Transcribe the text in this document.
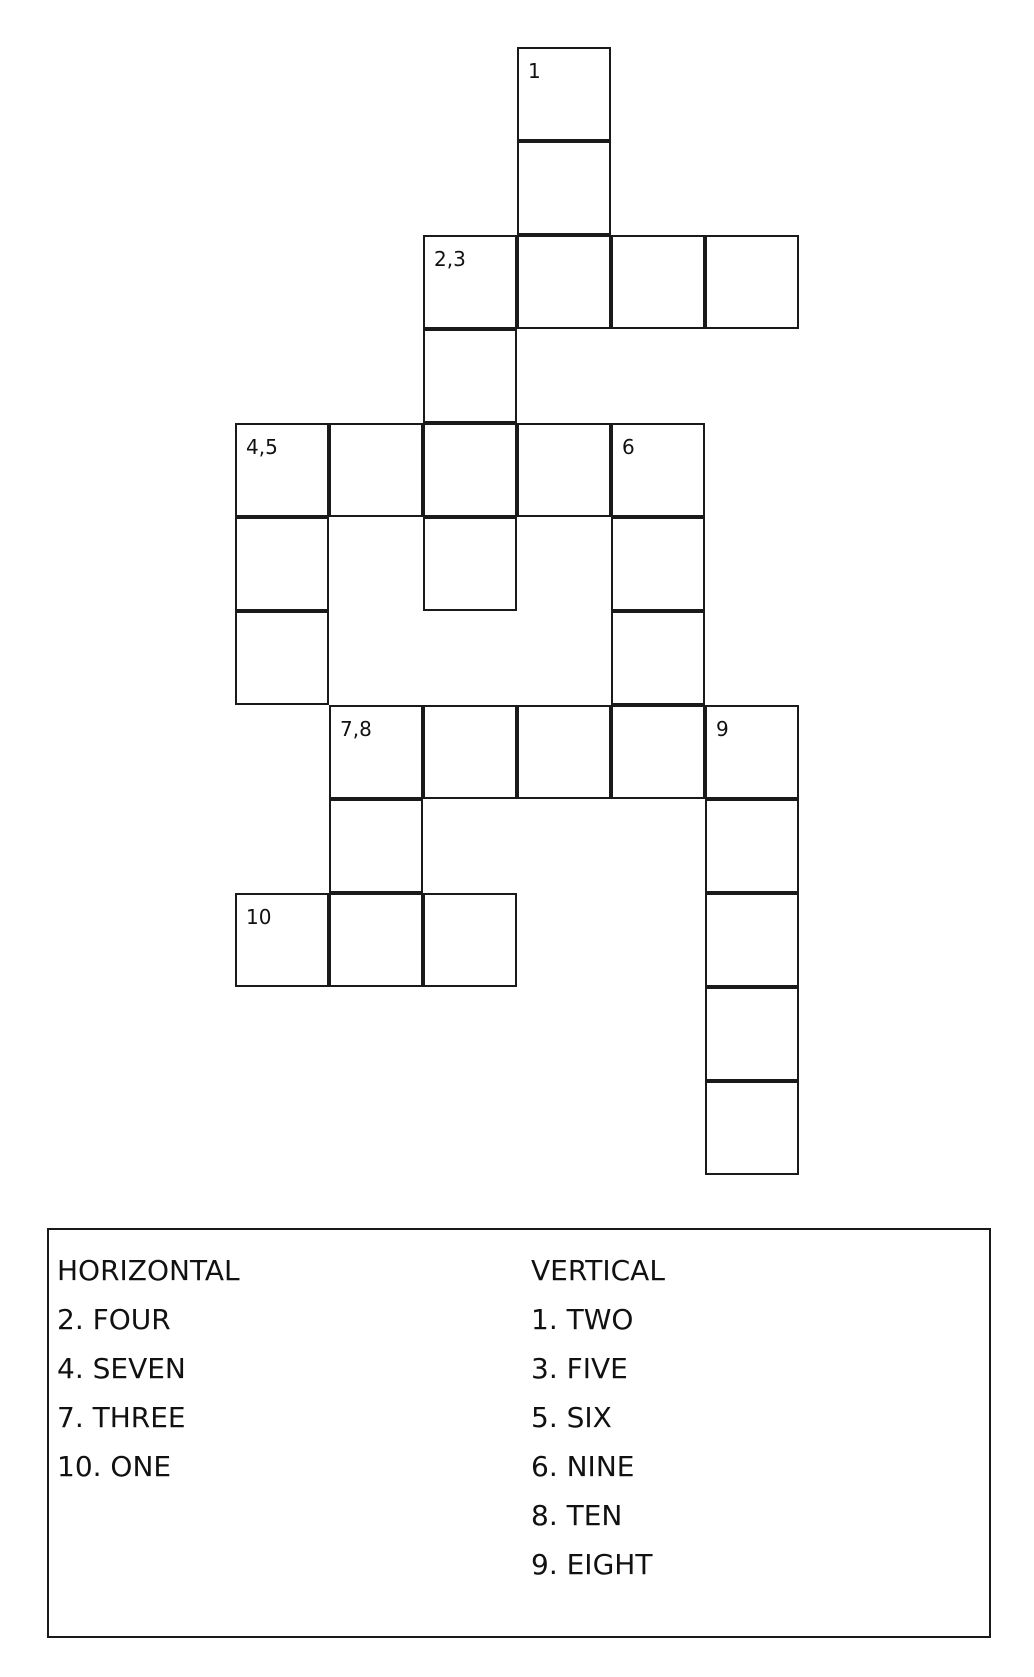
1
2,3
4,5	6
7,8	9
10
HORIZONTAL
2. FOUR
4. SEVEN
7. THREE
10. ONE
VERTICAL
1. TWO
3. FIVE
5. SIX
6. NINE
8. TEN
9. EIGHT
